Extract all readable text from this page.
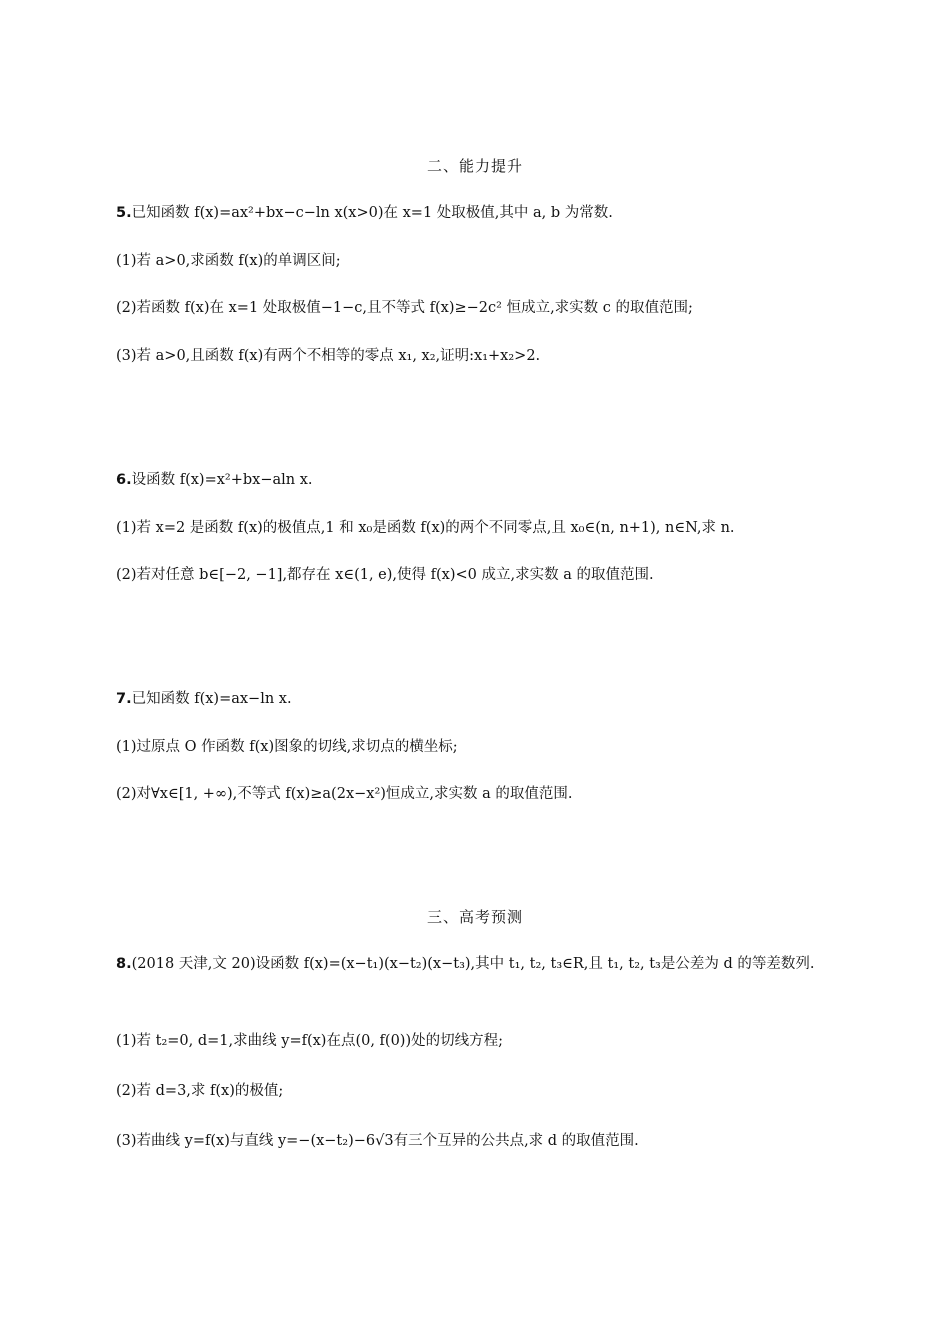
二、能力提升
5.已知函数 f(x)=ax²+bx−c−ln x(x>0)在 x=1 处取极值,其中 a, b 为常数.
(1)若 a>0,求函数 f(x)的单调区间;
(2)若函数 f(x)在 x=1 处取极值−1−c,且不等式 f(x)≥−2c² 恒成立,求实数 c 的取值范围;
(3)若 a>0,且函数 f(x)有两个不相等的零点 x₁, x₂,证明:x₁+x₂>2.
6.设函数 f(x)=x²+bx−aln x.
(1)若 x=2 是函数 f(x)的极值点,1 和 x₀是函数 f(x)的两个不同零点,且 x₀∈(n, n+1), n∈N,求 n.
(2)若对任意 b∈[−2, −1],都存在 x∈(1, e),使得 f(x)<0 成立,求实数 a 的取值范围.
7.已知函数 f(x)=ax−ln x.
(1)过原点 O 作函数 f(x)图象的切线,求切点的横坐标;
(2)对∀x∈[1, +∞),不等式 f(x)≥a(2x−x²)恒成立,求实数 a 的取值范围.
三、高考预测
8.(2018 天津,文 20)设函数 f(x)=(x−t₁)(x−t₂)(x−t₃),其中 t₁, t₂, t₃∈R,且 t₁, t₂, t₃是公差为 d 的等差数列.
(1)若 t₂=0, d=1,求曲线 y=f(x)在点(0, f(0))处的切线方程;
(2)若 d=3,求 f(x)的极值;
(3)若曲线 y=f(x)与直线 y=−(x−t₂)−6√3有三个互异的公共点,求 d 的取值范围.
